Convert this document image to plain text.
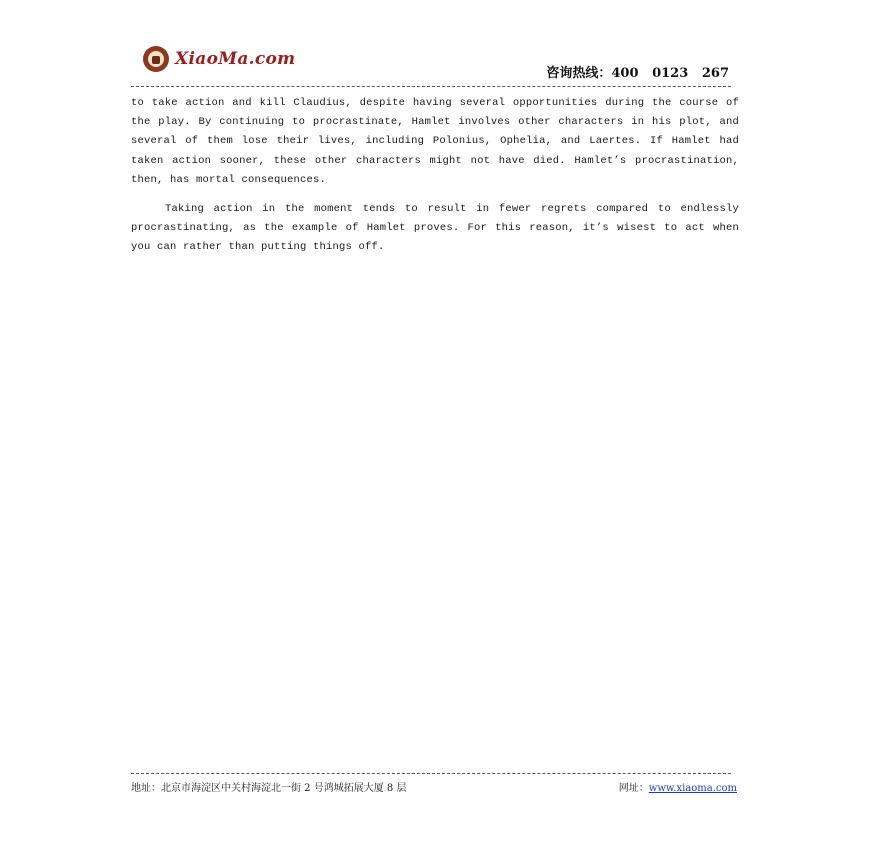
XiaoMa.com
咨询热线：400   0123   267

to take action and kill Claudius, despite having several opportunities during the course of the play. By continuing to procrastinate, Hamlet involves other characters in his plot, and several of them lose their lives, including Polonius, Ophelia, and Laertes. If Hamlet had taken action sooner, these other characters might not have died. Hamlet’s procrastination, then, has mortal consequences.

Taking action in the moment tends to result in fewer regrets compared to endlessly procrastinating, as the example of Hamlet proves. For this reason, it’s wisest to act when you can rather than putting things off.

地址：北京市海淀区中关村海淀北一街 2 号鸿城拓展大厦 8 层	网址：www.xiaoma.com
